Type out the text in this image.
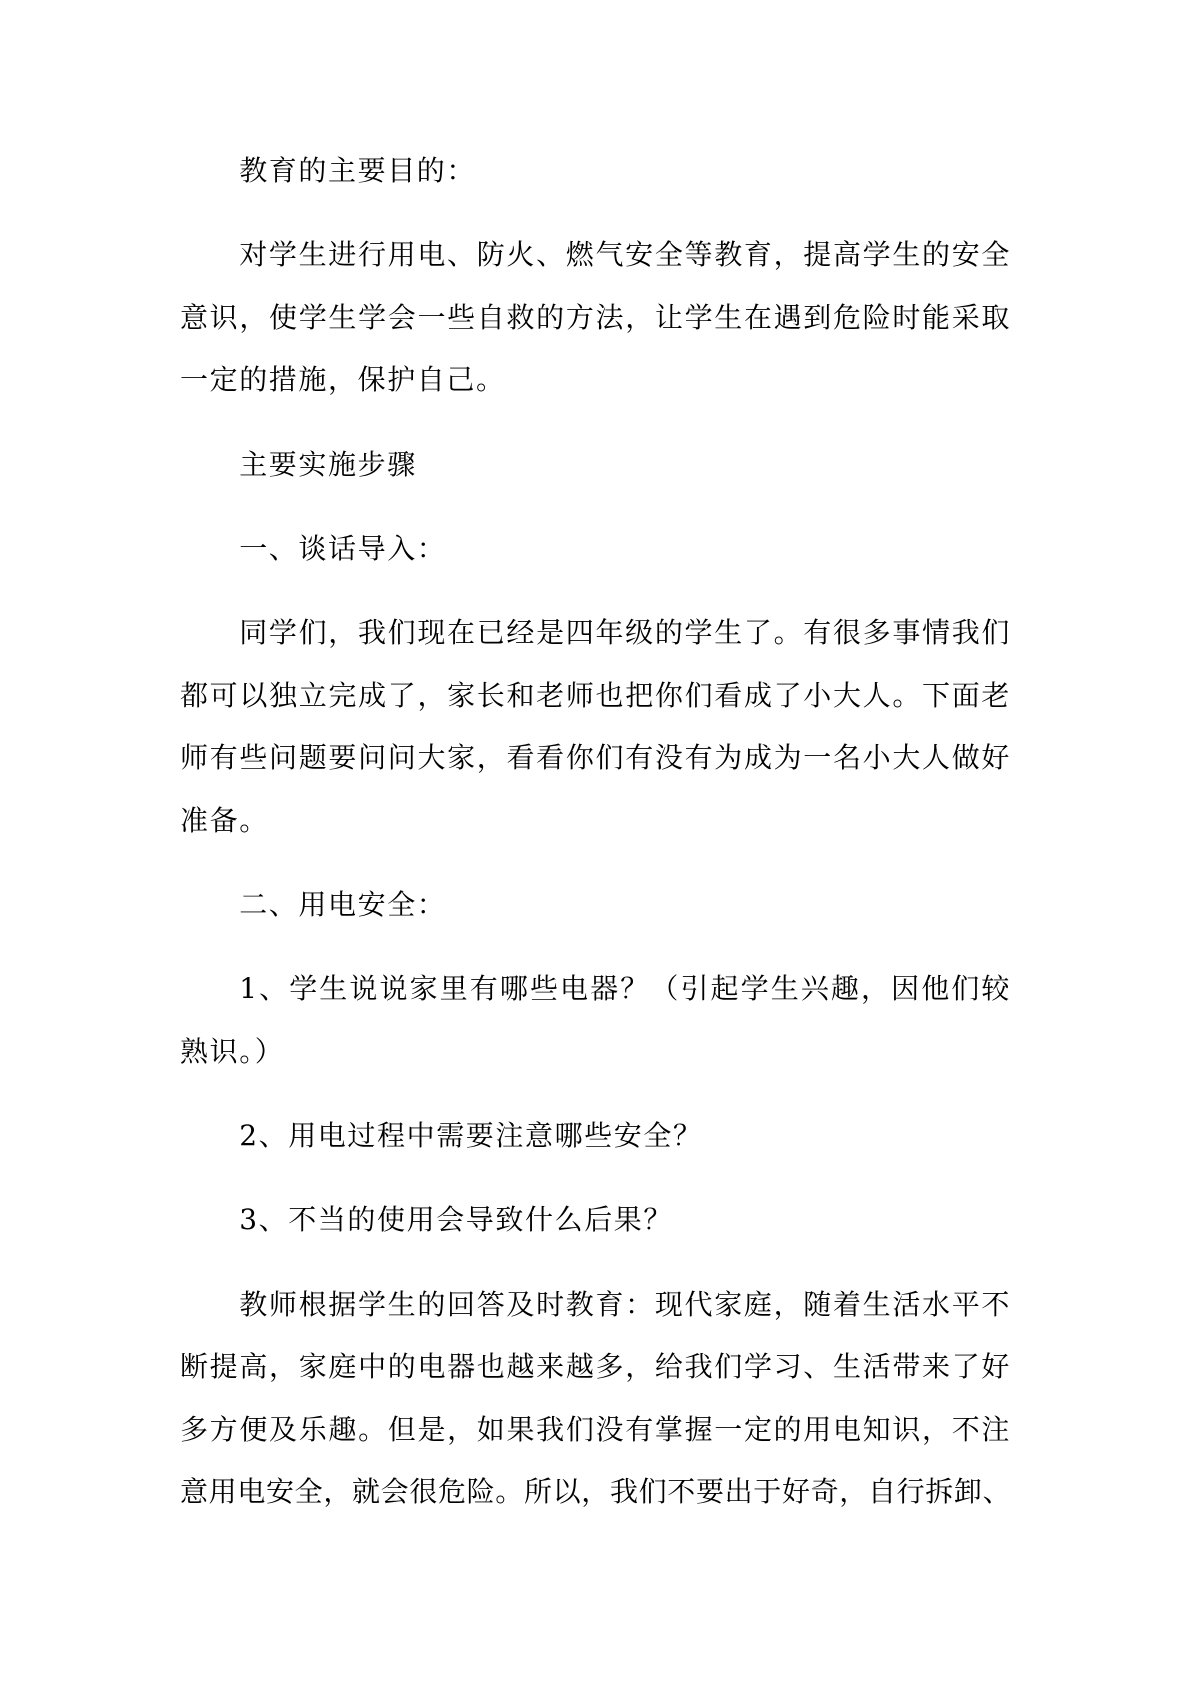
教育的主要目的：
对学生进行用电、防火、燃气安全等教育，提高学生的安全
意识，使学生学会一些自救的方法，让学生在遇到危险时能采取
一定的措施，保护自己。
主要实施步骤
一、谈话导入：
同学们，我们现在已经是四年级的学生了。有很多事情我们
都可以独立完成了，家长和老师也把你们看成了小大人。下面老
师有些问题要问问大家，看看你们有没有为成为一名小大人做好
准备。
二、用电安全：
1、学生说说家里有哪些电器？（引起学生兴趣，因他们较
熟识。）
2、用电过程中需要注意哪些安全？
3、不当的使用会导致什么后果？
教师根据学生的回答及时教育：现代家庭，随着生活水平不
断提高，家庭中的电器也越来越多，给我们学习、生活带来了好
多方便及乐趣。但是，如果我们没有掌握一定的用电知识，不注
意用电安全，就会很危险。所以，我们不要出于好奇，自行拆卸、
